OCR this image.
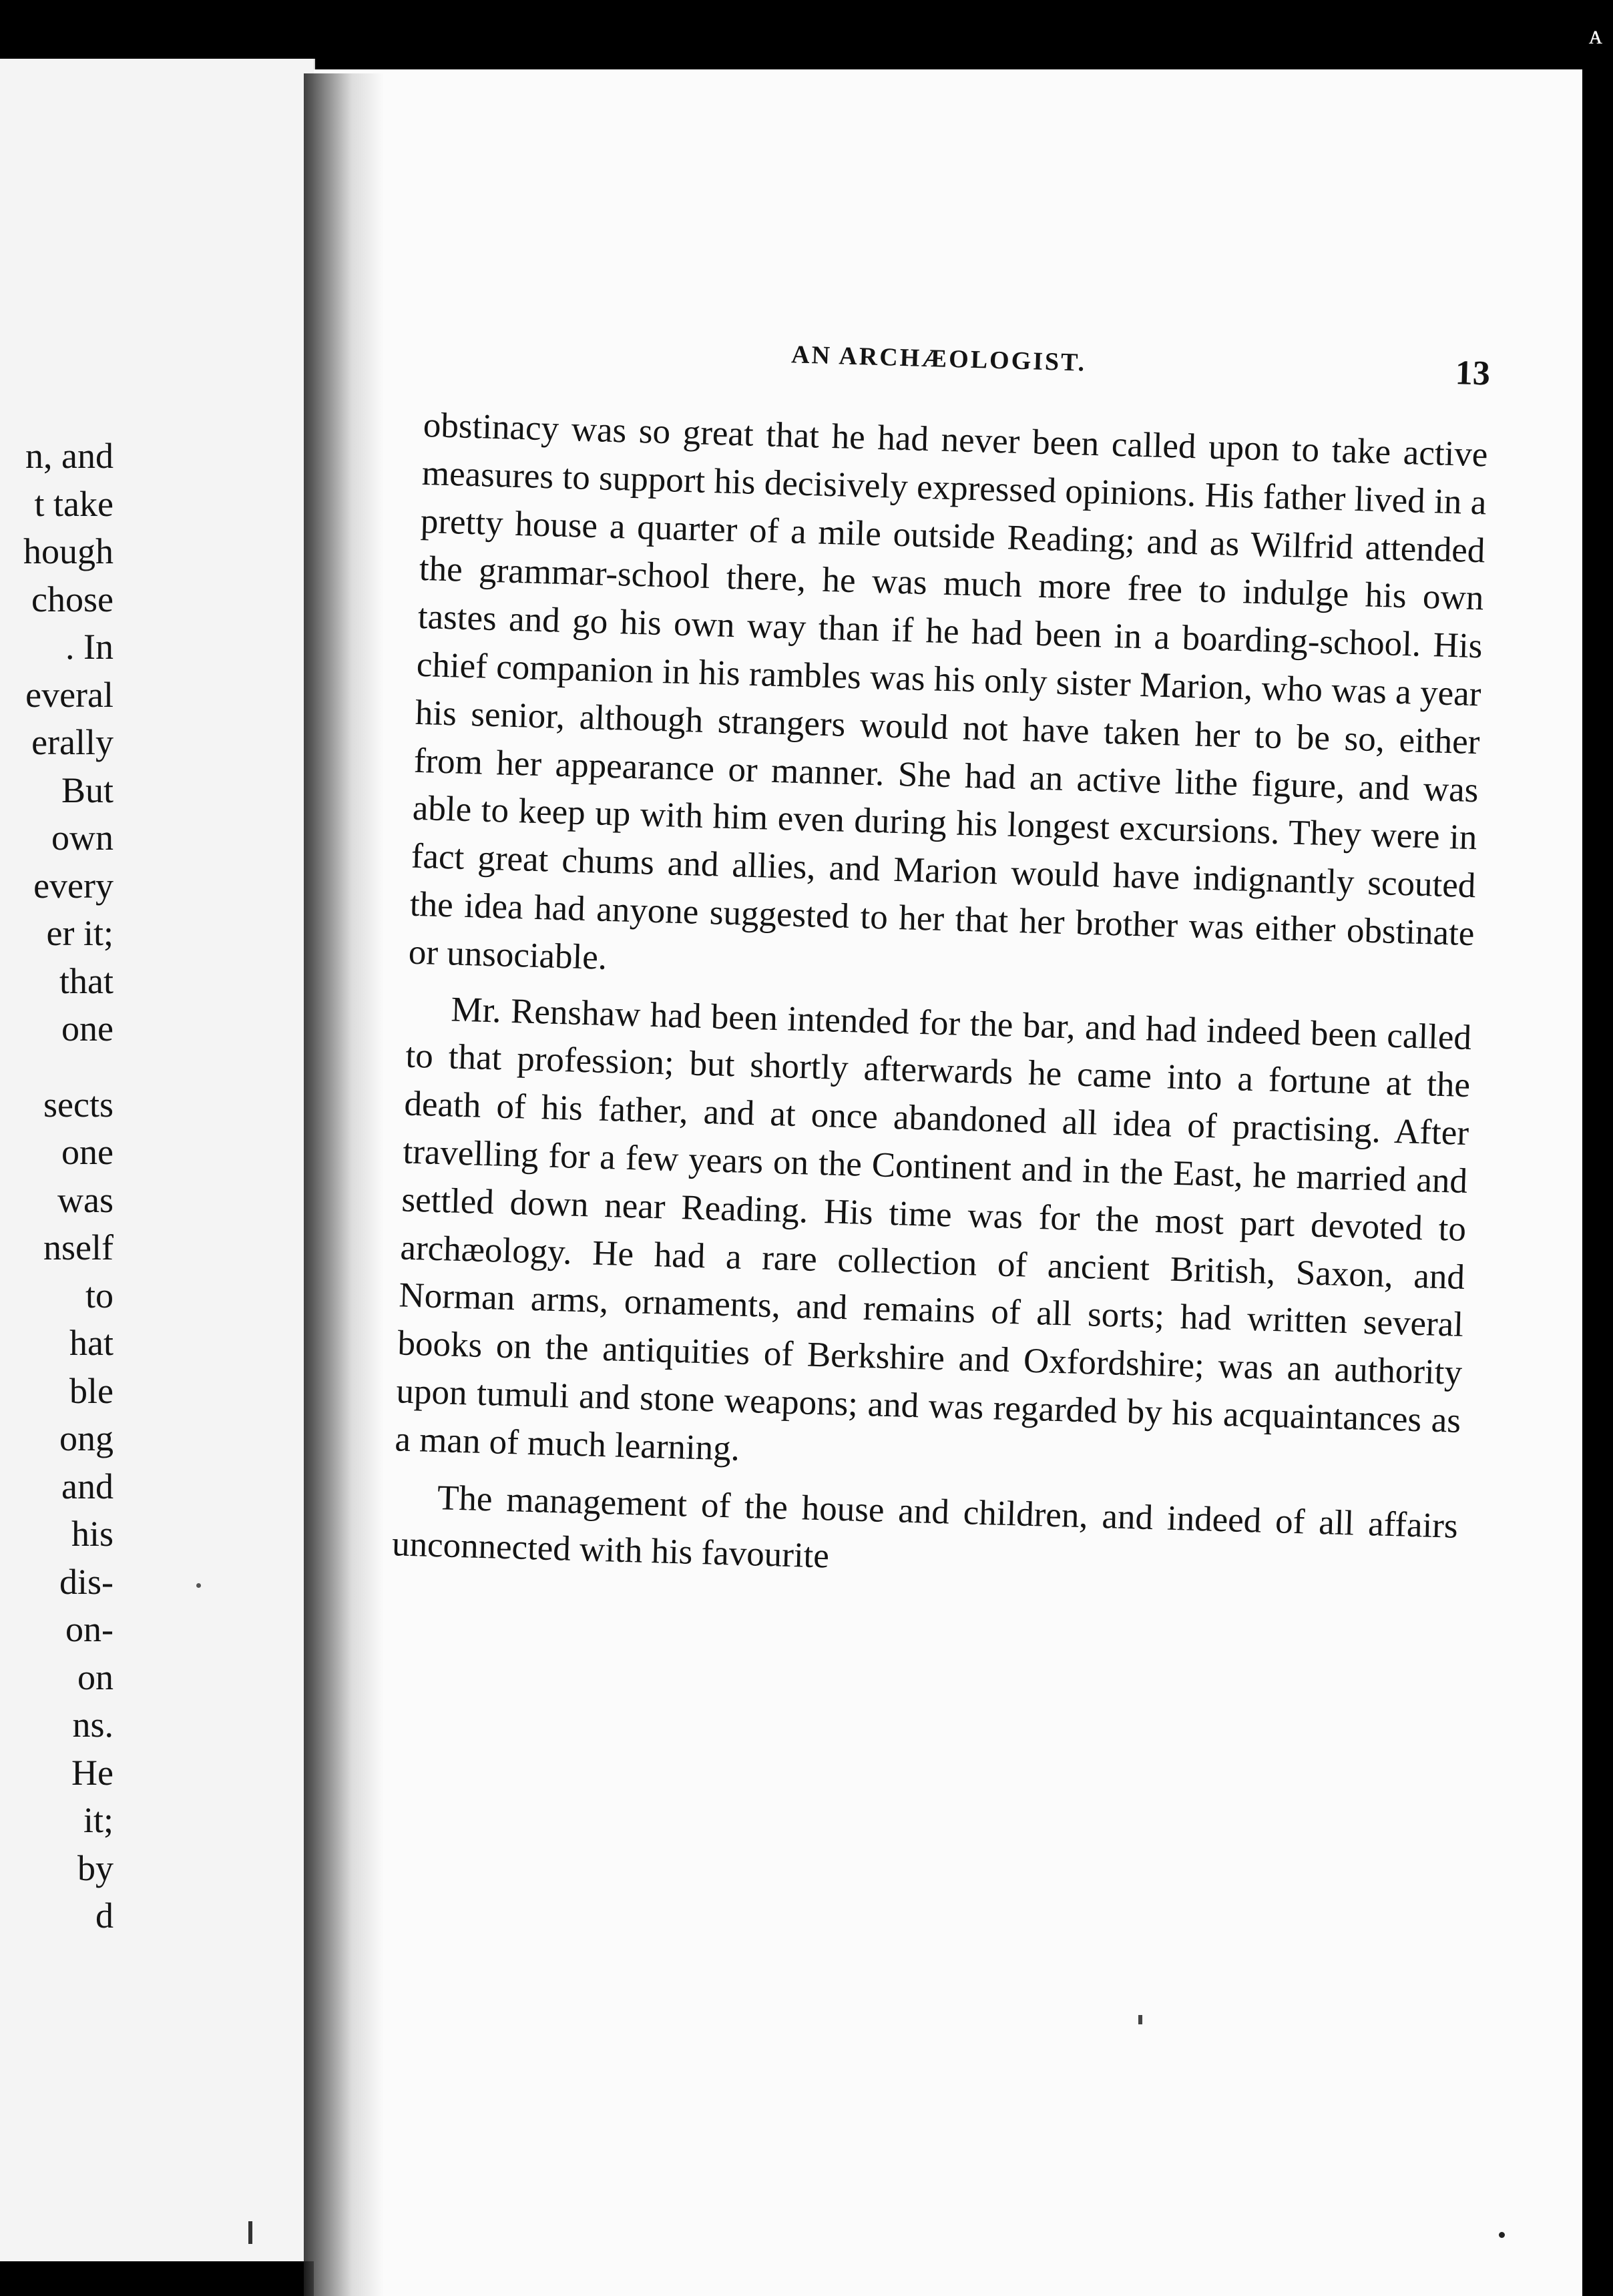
n, and
t take
hough
chose
. In
everal
erally
But
own
every
er it;
that
one
sects
one
was
nself
to
hat
ble
ong
and
his
dis-
on-
on
ns.
He
it;
by
d
AN ARCHÆOLOGIST.	13

obstinacy was so great that he had never been called upon to take active measures to support his decisively expressed opinions. His father lived in a pretty house a quarter of a mile outside Reading; and as Wilfrid attended the grammar-school there, he was much more free to indulge his own tastes and go his own way than if he had been in a boarding-school. His chief companion in his rambles was his only sister Marion, who was a year his senior, although strangers would not have taken her to be so, either from her appearance or manner. She had an active lithe figure, and was able to keep up with him even during his longest excursions. They were in fact great chums and allies, and Marion would have indignantly scouted the idea had anyone suggested to her that her brother was either obstinate or unsociable.

Mr. Renshaw had been intended for the bar, and had indeed been called to that profession; but shortly afterwards he came into a fortune at the death of his father, and at once abandoned all idea of practising. After travelling for a few years on the Continent and in the East, he married and settled down near Reading. His time was for the most part devoted to archæology. He had a rare collection of ancient British, Saxon, and Norman arms, ornaments, and remains of all sorts; had written several books on the antiquities of Berkshire and Oxfordshire; was an authority upon tumuli and stone weapons; and was regarded by his acquaintances as a man of much learning.

The management of the house and children, and indeed of all affairs unconnected with his favourite

ᴀ
